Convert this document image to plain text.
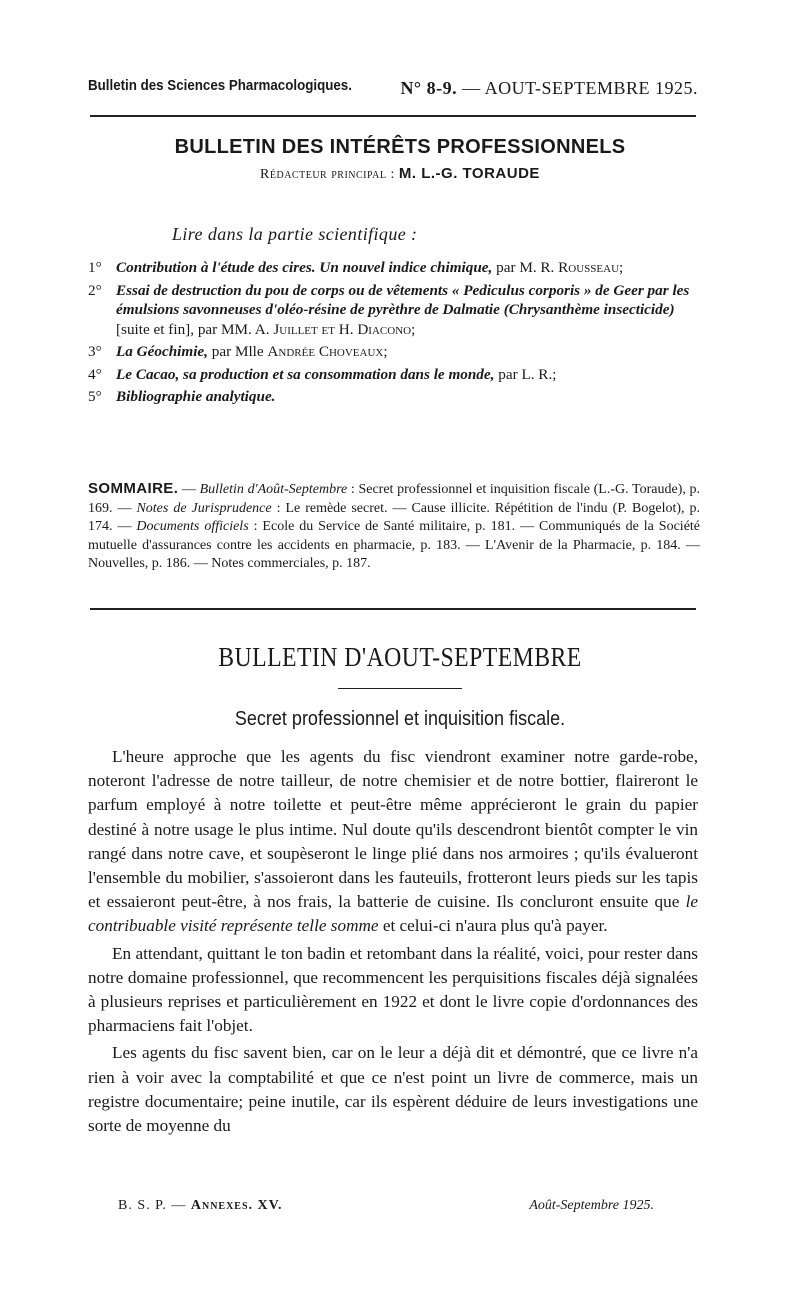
Bulletin des Sciences Pharmacologiques.	N° 8-9. — AOUT-SEPTEMBRE 1925.
BULLETIN DES INTÉRÊTS PROFESSIONNELS
Rédacteur principal : M. L.-G. TORAUDE
Lire dans la partie scientifique :
1° Contribution à l'étude des cires. Un nouvel indice chimique, par M. R. Rousseau;
2° Essai de destruction du pou de corps ou de vêtements « Pediculus corporis » de Geer par les émulsions savonneuses d'oléo-résine de pyrèthre de Dalmatie (Chrysanthème insecticide) [suite et fin], par MM. A. Juillet et H. Diacono;
3° La Géochimie, par Mlle Andrée Choveaux;
4° Le Cacao, sa production et sa consommation dans le monde, par L. R.;
5° Bibliographie analytique.
SOMMAIRE. — Bulletin d'Août-Septembre : Secret professionnel et inquisition fiscale (L.-G. Toraude), p. 169. — Notes de Jurisprudence : Le remède secret. — Cause illicite. Répétition de l'indu (P. Bogelot), p. 174. — Documents officiels : Ecole du Service de Santé militaire, p. 181. — Communiqués de la Société mutuelle d'assurances contre les accidents en pharmacie, p. 183. — L'Avenir de la Pharmacie, p. 184. — Nouvelles, p. 186. — Notes commerciales, p. 187.
BULLETIN D'AOUT-SEPTEMBRE
Secret professionnel et inquisition fiscale.

L'heure approche que les agents du fisc viendront examiner notre garde-robe, noteront l'adresse de notre tailleur, de notre chemisier et de notre bottier, flaireront le parfum employé à notre toilette et peut-être même apprécieront le grain du papier destiné à notre usage le plus intime. Nul doute qu'ils descendront bientôt compter le vin rangé dans notre cave, et soupèseront le linge plié dans nos armoires ; qu'ils évalueront l'ensemble du mobilier, s'assoieront dans les fauteuils, frotteront leurs pieds sur les tapis et essaieront peut-être, à nos frais, la batterie de cuisine. Ils concluront ensuite que le contribuable visité représente telle somme et celui-ci n'aura plus qu'à payer.

En attendant, quittant le ton badin et retombant dans la réalité, voici, pour rester dans notre domaine professionnel, que recommencent les perquisitions fiscales déjà signalées à plusieurs reprises et particulièrement en 1922 et dont le livre copie d'ordonnances des pharmaciens fait l'objet.

Les agents du fisc savent bien, car on le leur a déjà dit et démontré, que ce livre n'a rien à voir avec la comptabilité et que ce n'est point un livre de commerce, mais un registre documentaire; peine inutile, car ils espèrent déduire de leurs investigations une sorte de moyenne du

B. S. P. — Annexes. XV.	Août-Septembre 1925.
